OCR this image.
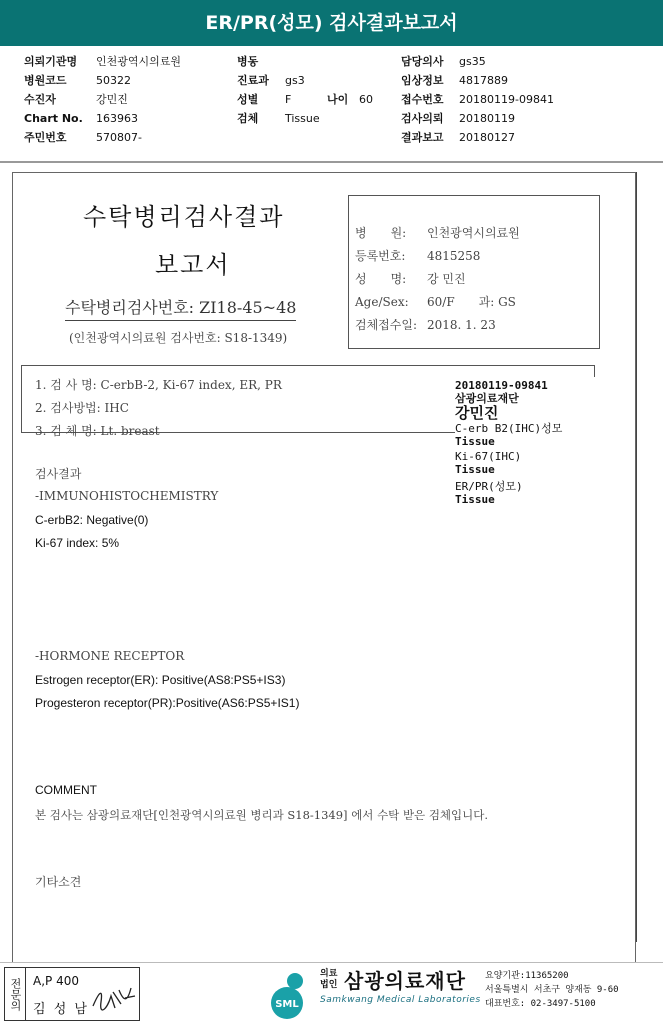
ER/PR(성모) 검사결과보고서
의뢰기관명 인천광역시의료원
병원코드	50322
수진자	강민진
Chart No. 163963
주민번호	570807-
병동
진료과 gs3
성별 F	나이 60
검체 Tissue
담당의사 gs35
임상정보 4817889
접수번호 20180119-09841
검사의뢰 20180119
결과보고 20180127
수탁병리검사결과
보고서
수탁병리검사번호: ZI18-45~48
(인천광역시의료원 검사번호: S18-1349)
병　　원: 인천광역시의료원
등록번호: 4815258
성　　명: 강 민진
Age/Sex: 60/F　　과: GS
검체접수일: 2018. 1. 23
1. 검 사 명: C-erbB-2, Ki-67 index, ER, PR
2. 검사방법: IHC
3. 검 체 명: Lt. breast
20180119-09841
삼광의료재단
강민진
C-erb B2(IHC)성모
Tissue
Ki-67(IHC)
Tissue
ER/PR(성모)
Tissue
검사결과
-IMMUNOHISTOCHEMISTRY
C-erbB2: Negative(0)
Ki-67 index: 5%
-HORMONE RECEPTOR
Estrogen receptor(ER): Positive(AS8:PS5+IS3)
Progesteron receptor(PR):Positive(AS6:PS5+IS1)
COMMENT
본 검사는 삼광의료재단[인천광역시의료원 병리과 S18-1349] 에서 수탁 받은 검체입니다.
기타소견
전문의 A,P 400
김 성 남	SML
의료법인 삼광의료재단
Samkwang Medical Laboratories
요양기관:11365200
서울특별시 서초구 양재동 9-60
대표번호: 02-3497-5100
